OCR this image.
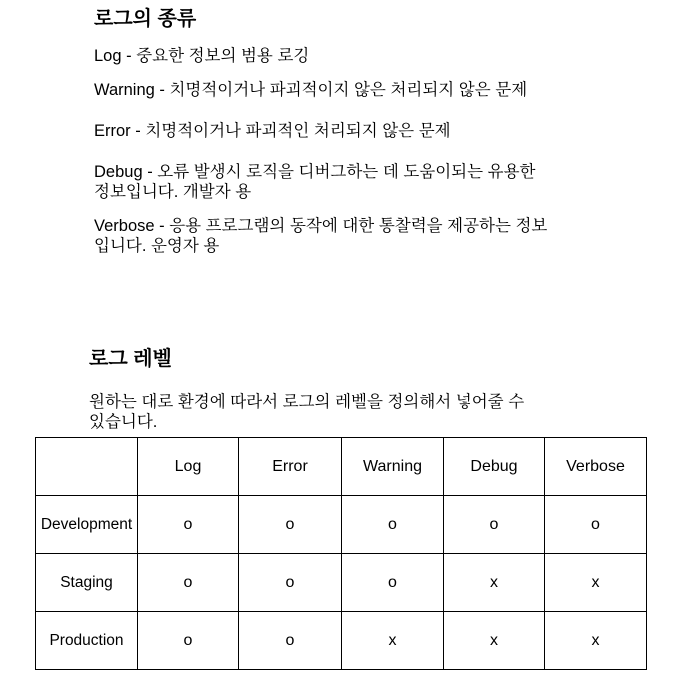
로그의 종류
Log - 중요한 정보의 범용 로깅
Warning - 치명적이거나 파괴적이지 않은 처리되지 않은 문제
Error - 치명적이거나 파괴적인 처리되지 않은 문제
Debug - 오류 발생시 로직을 디버그하는 데 도움이되는 유용한
정보입니다. 개발자 용
Verbose - 응용 프로그램의 동작에 대한 통찰력을 제공하는 정보
입니다. 운영자 용
로그 레벨
원하는 대로 환경에 따라서 로그의 레벨을 정의해서 넣어줄 수
있습니다.
	Log	Error	Warning	Debug	Verbose
Development	o	o	o	o	o
Staging	o	o	o	x	x
Production	o	o	x	x	x
